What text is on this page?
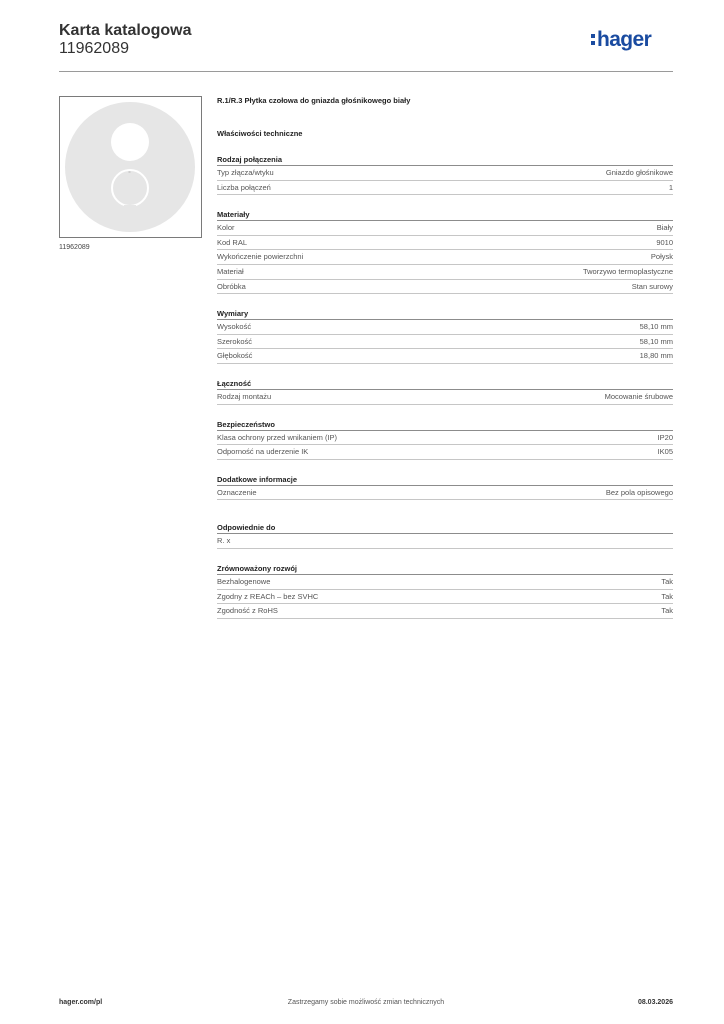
Karta katalogowa
11962089	hager
11962089
R.1/R.3 Płytka czołowa do gniazda głośnikowego biały
Właściwości techniczne
Rodzaj połączenia
Typ złącza/wtyku	Gniazdo głośnikowe
Liczba połączeń	1
Materiały
Kolor	Biały
Kod RAL	9010
Wykończenie powierzchni	Połysk
Materiał	Tworzywo termoplastyczne
Obróbka	Stan surowy
Wymiary
Wysokość	58,10 mm
Szerokość	58,10 mm
Głębokość	18,80 mm
Łączność
Rodzaj montażu	Mocowanie śrubowe
Bezpieczeństwo
Klasa ochrony przed wnikaniem (IP)	IP20
Odporność na uderzenie IK	IK05
Dodatkowe informacje
Oznaczenie	Bez pola opisowego
Odpowiednie do
R. x
Zrównoważony rozwój
Bezhalogenowe	Tak
Zgodny z REACh – bez SVHC	Tak
Zgodność z RoHS	Tak
hager.com/pl	Zastrzegamy sobie możliwość zmian technicznych	08.03.2026
